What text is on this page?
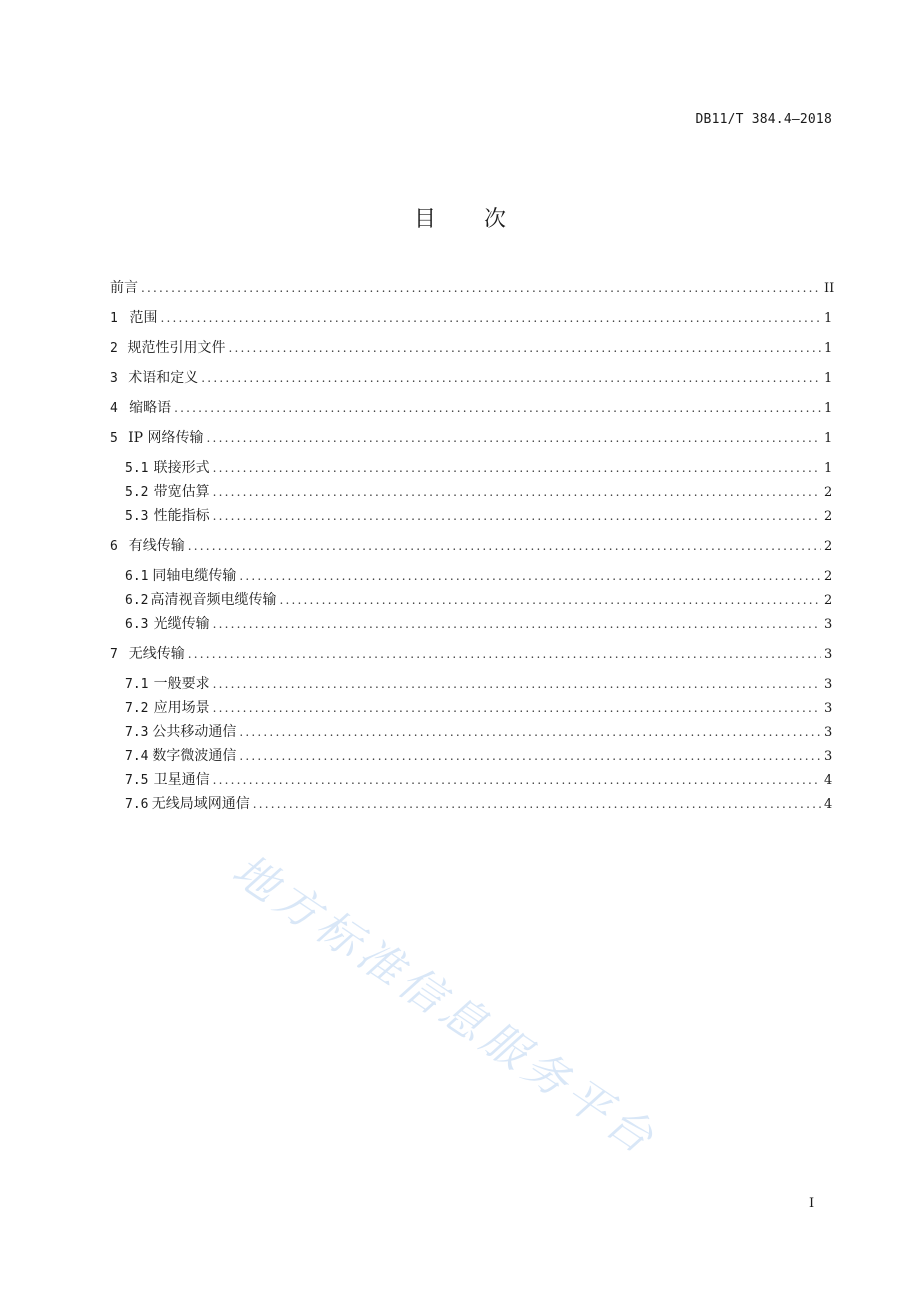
DB11/T 384.4—2018
目 次
前言 .....	II
1 范围 .....	1
2 规范性引用文件 .....	1
3 术语和定义 .....	1
4 缩略语 .....	1
5 IP 网络传输 .....	1
5.1 联接形式 .....	1
5.2 带宽估算 .....	2
5.3 性能指标 .....	2
6 有线传输 .....	2
6.1 同轴电缆传输 .....	2
6.2 高清视音频电缆传输 .....	2
6.3 光缆传输 .....	3
7 无线传输 .....	3
7.1 一般要求 .....	3
7.2 应用场景 .....	3
7.3 公共移动通信 .....	3
7.4 数字微波通信 .....	3
7.5 卫星通信 .....	4
7.6 无线局域网通信 .....	4
地方标准信息服务平台
I
